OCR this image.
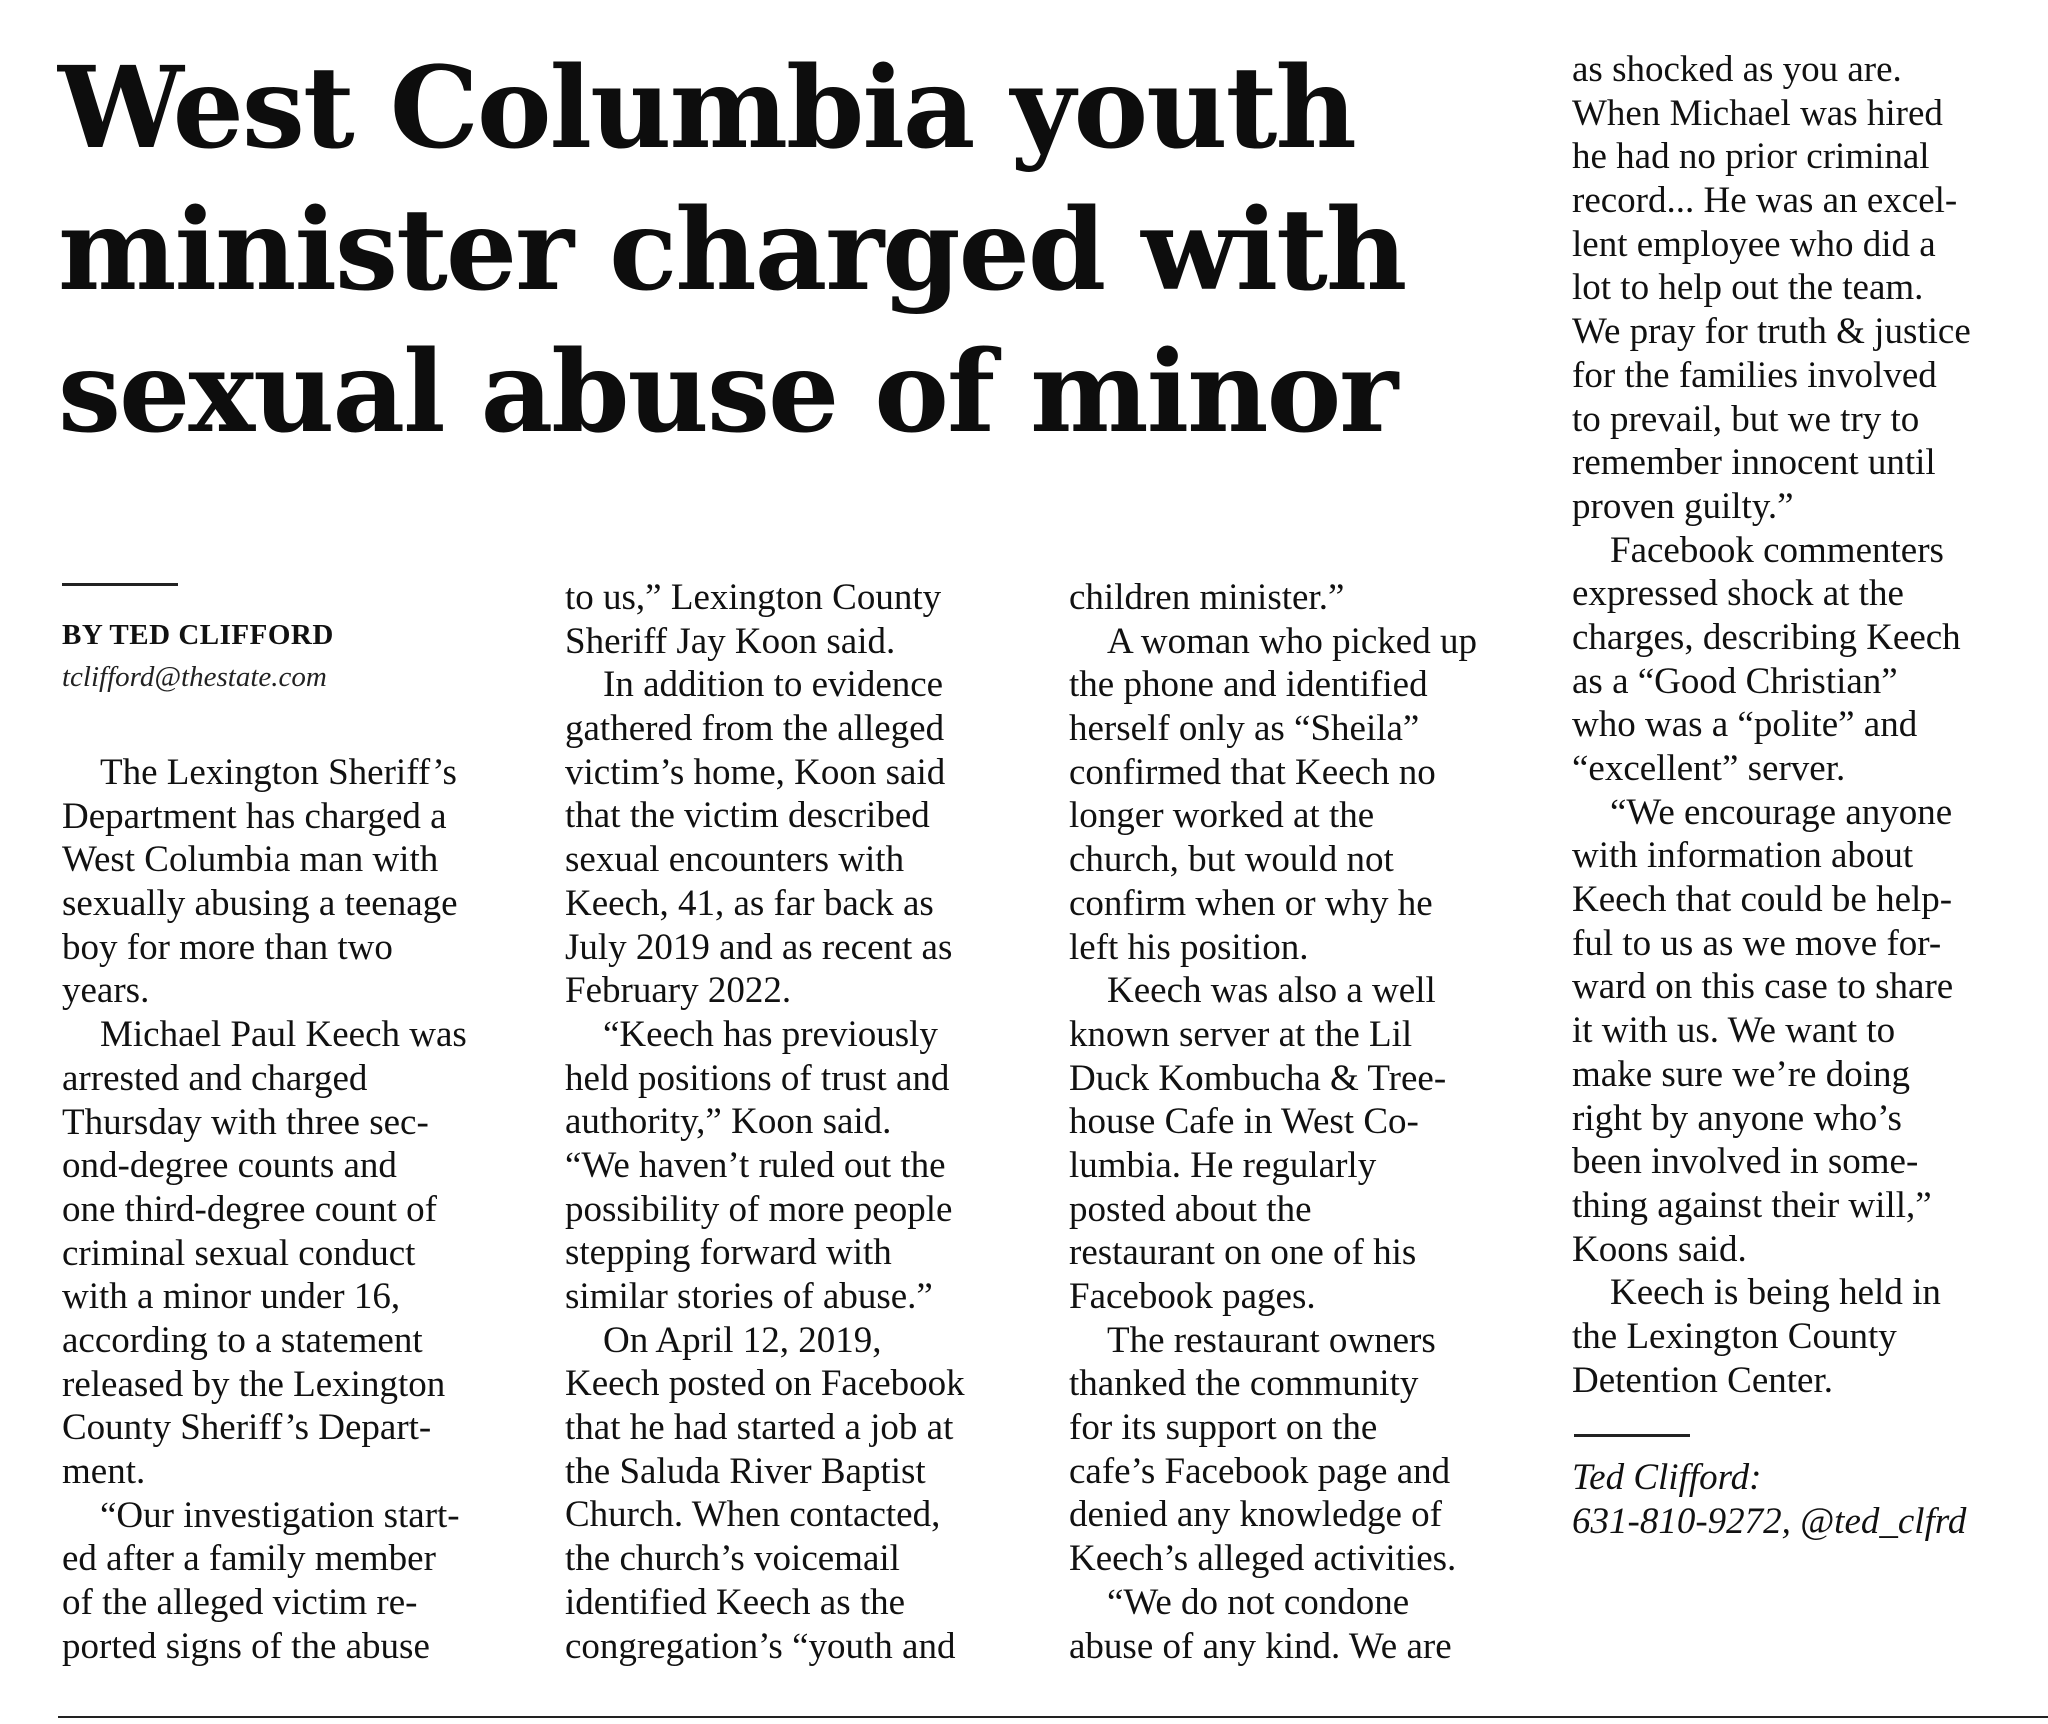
West Columbia youth
minister charged with
sexual abuse of minor
BY TED CLIFFORD
tclifford@thestate.com
The Lexington Sheriff’s
Department has charged a
West Columbia man with
sexually abusing a teenage
boy for more than two
years.
Michael Paul Keech was
arrested and charged
Thursday with three sec-
ond-degree counts and
one third-degree count of
criminal sexual conduct
with a minor under 16,
according to a statement
released by the Lexington
County Sheriff’s Depart-
ment.
“Our investigation start-
ed after a family member
of the alleged victim re-
ported signs of the abuse
to us,” Lexington County
Sheriff Jay Koon said.
In addition to evidence
gathered from the alleged
victim’s home, Koon said
that the victim described
sexual encounters with
Keech, 41, as far back as
July 2019 and as recent as
February 2022.
“Keech has previously
held positions of trust and
authority,” Koon said.
“We haven’t ruled out the
possibility of more people
stepping forward with
similar stories of abuse.”
On April 12, 2019,
Keech posted on Facebook
that he had started a job at
the Saluda River Baptist
Church. When contacted,
the church’s voicemail
identified Keech as the
congregation’s “youth and
children minister.”
A woman who picked up
the phone and identified
herself only as “Sheila”
confirmed that Keech no
longer worked at the
church, but would not
confirm when or why he
left his position.
Keech was also a well
known server at the Lil
Duck Kombucha & Tree-
house Cafe in West Co-
lumbia. He regularly
posted about the
restaurant on one of his
Facebook pages.
The restaurant owners
thanked the community
for its support on the
cafe’s Facebook page and
denied any knowledge of
Keech’s alleged activities.
“We do not condone
abuse of any kind. We are
as shocked as you are.
When Michael was hired
he had no prior criminal
record... He was an excel-
lent employee who did a
lot to help out the team.
We pray for truth & justice
for the families involved
to prevail, but we try to
remember innocent until
proven guilty.”
Facebook commenters
expressed shock at the
charges, describing Keech
as a “Good Christian”
who was a “polite” and
“excellent” server.
“We encourage anyone
with information about
Keech that could be help-
ful to us as we move for-
ward on this case to share
it with us. We want to
make sure we’re doing
right by anyone who’s
been involved in some-
thing against their will,”
Koons said.
Keech is being held in
the Lexington County
Detention Center.
Ted Clifford:
631-810-9272, @ted_clfrd
